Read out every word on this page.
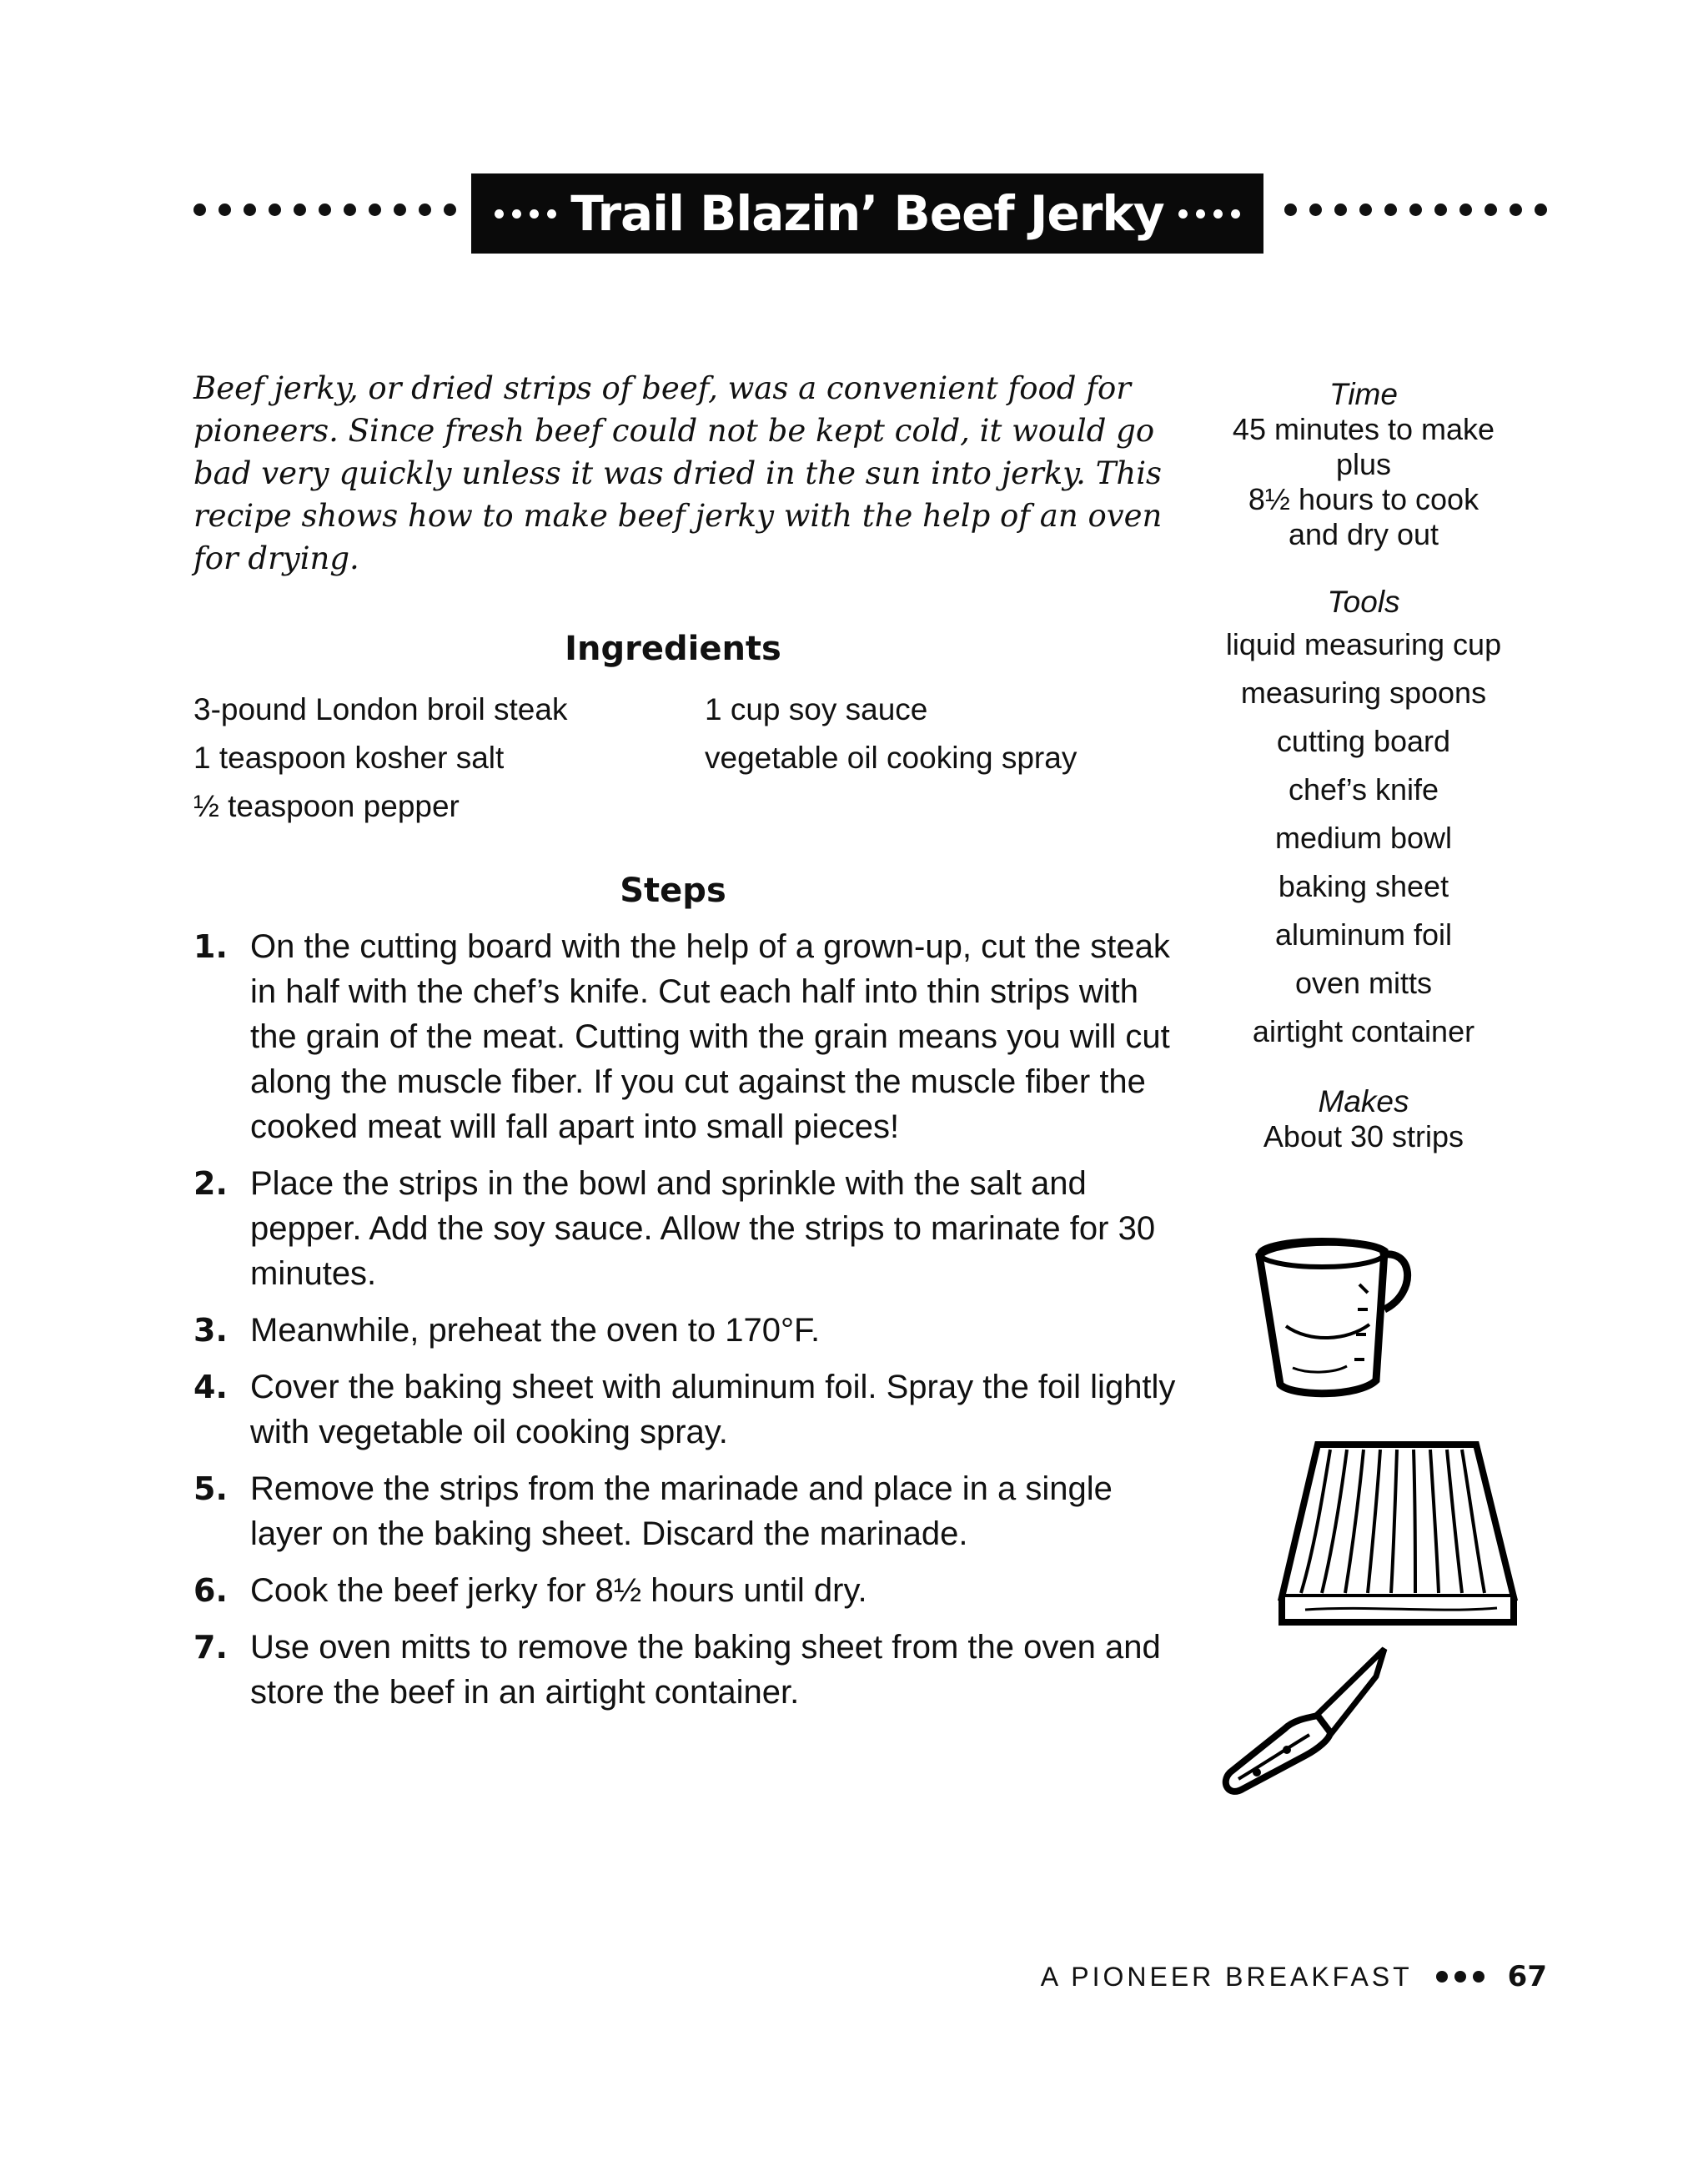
Trail Blazin’ Beef Jerky
Beef jerky, or dried strips of beef, was a convenient food for pioneers. Since fresh beef could not be kept cold, it would go bad very quickly unless it was dried in the sun into jerky. This recipe shows how to make beef jerky with the help of an oven for drying.
Ingredients
3-pound London broil steak
1 teaspoon kosher salt
½ teaspoon pepper
1 cup soy sauce
vegetable oil cooking spray
Steps
1. On the cutting board with the help of a grown-up, cut the steak in half with the chef’s knife. Cut each half into thin strips with the grain of the meat. Cutting with the grain means you will cut along the muscle fiber. If you cut against the muscle fiber the cooked meat will fall apart into small pieces!
2. Place the strips in the bowl and sprinkle with the salt and pepper. Add the soy sauce. Allow the strips to marinate for 30 minutes.
3. Meanwhile, preheat the oven to 170°F.
4. Cover the baking sheet with aluminum foil. Spray the foil lightly with vegetable oil cooking spray.
5. Remove the strips from the marinade and place in a single layer on the baking sheet. Discard the marinade.
6. Cook the beef jerky for 8½ hours until dry.
7. Use oven mitts to remove the baking sheet from the oven and store the beef in an airtight container.
Time
45 minutes to make
plus
8½ hours to cook
and dry out
Tools
liquid measuring cup
measuring spoons
cutting board
chef’s knife
medium bowl
baking sheet
aluminum foil
oven mitts
airtight container
Makes
About 30 strips
A PIONEER BREAKFAST	67
